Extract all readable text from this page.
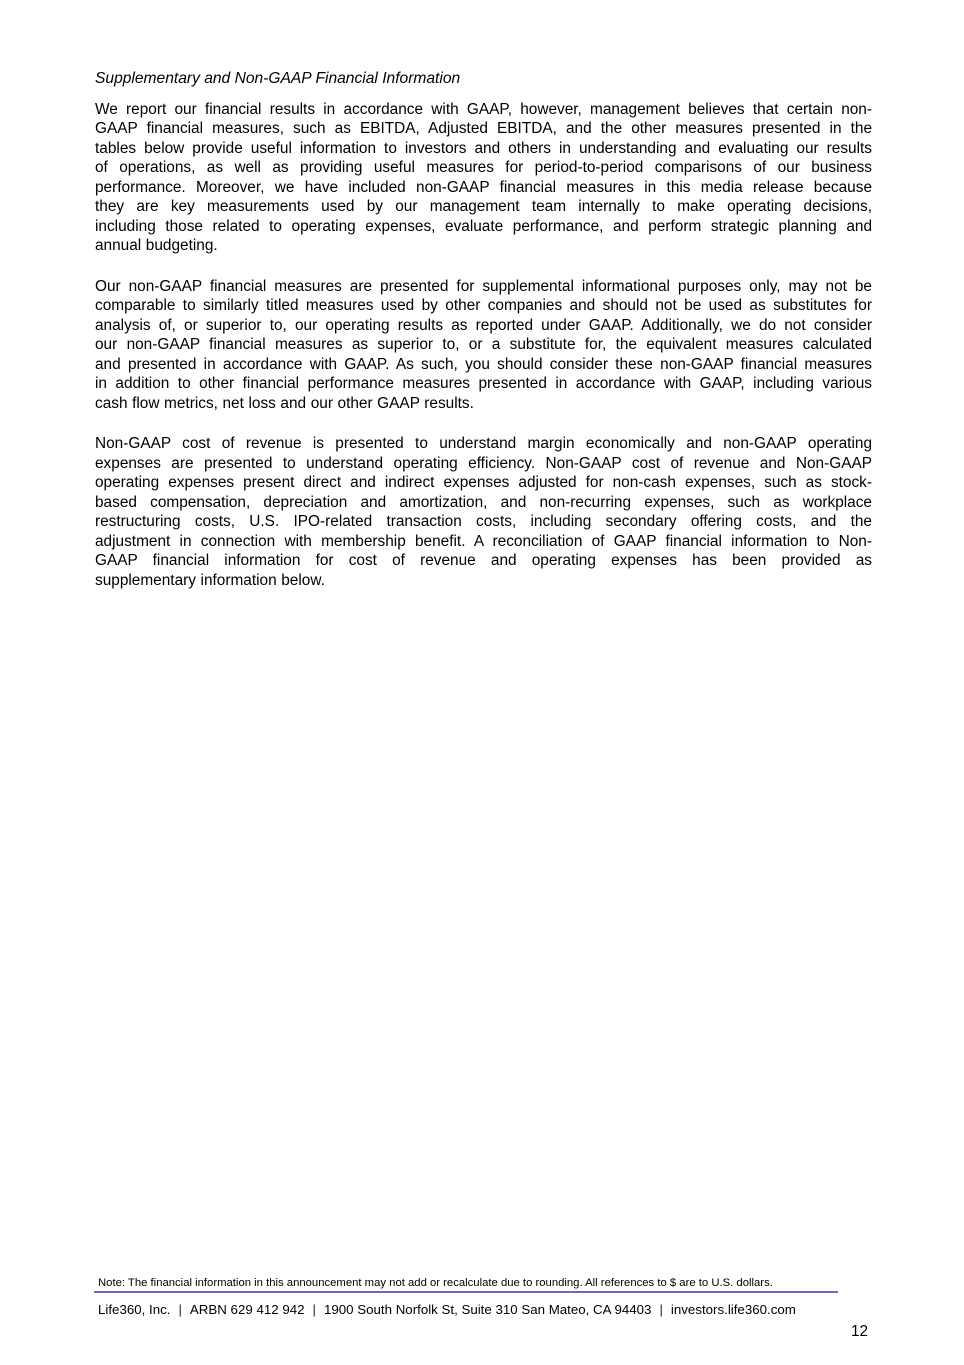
Supplementary and Non-GAAP Financial Information
We report our financial results in accordance with GAAP, however, management believes that certain non-
GAAP financial measures, such as EBITDA, Adjusted EBITDA, and the other measures presented in the
tables below provide useful information to investors and others in understanding and evaluating our results
of operations, as well as providing useful measures for period-to-period comparisons of our business
performance. Moreover, we have included non-GAAP financial measures in this media release because
they are key measurements used by our management team internally to make operating decisions,
including those related to operating expenses, evaluate performance, and perform strategic planning and
annual budgeting.
Our non-GAAP financial measures are presented for supplemental informational purposes only, may not be
comparable to similarly titled measures used by other companies and should not be used as substitutes for
analysis of, or superior to, our operating results as reported under GAAP. Additionally, we do not consider
our non-GAAP financial measures as superior to, or a substitute for, the equivalent measures calculated
and presented in accordance with GAAP. As such, you should consider these non-GAAP financial measures
in addition to other financial performance measures presented in accordance with GAAP, including various
cash flow metrics, net loss and our other GAAP results.
Non-GAAP cost of revenue is presented to understand margin economically and non-GAAP operating
expenses are presented to understand operating efficiency. Non-GAAP cost of revenue and Non-GAAP
operating expenses present direct and indirect expenses adjusted for non-cash expenses, such as stock-
based compensation, depreciation and amortization, and non-recurring expenses, such as workplace
restructuring costs, U.S. IPO-related transaction costs, including secondary offering costs, and the
adjustment in connection with membership benefit. A reconciliation of GAAP financial information to Non-
GAAP financial information for cost of revenue and operating expenses has been provided as
supplementary information below.
Note: The financial information in this announcement may not add or recalculate due to rounding. All references to $ are to U.S. dollars.
Life360, Inc. | ARBN 629 412 942 | 1900 South Norfolk St, Suite 310 San Mateo, CA 94403 | investors.life360.com
12
